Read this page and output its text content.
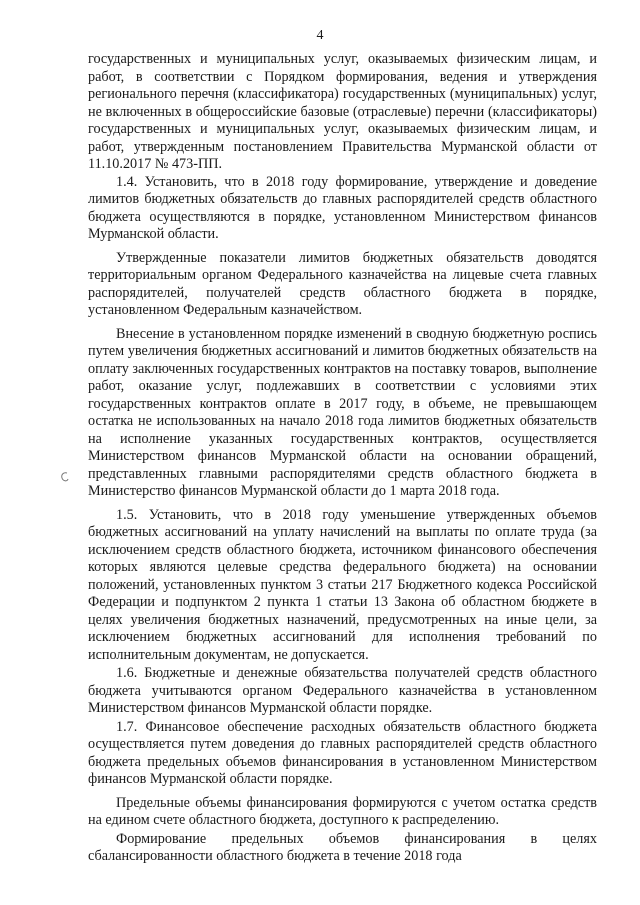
4

государственных и муниципальных услуг, оказываемых физическим лицам, и работ, в соответствии с Порядком формирования, ведения и утверждения регионального перечня (классификатора) государственных (муниципальных) услуг, не включенных в общероссийские базовые (отраслевые) перечни (классификаторы) государственных и муниципальных услуг, оказываемых физическим лицам, и работ, утвержденным постановлением Правительства Мурманской области от 11.10.2017 № 473-ПП.

1.4. Установить, что в 2018 году формирование, утверждение и доведение лимитов бюджетных обязательств до главных распорядителей средств областного бюджета осуществляются в порядке, установленном Министерством финансов Мурманской области.

Утвержденные показатели лимитов бюджетных обязательств доводятся территориальным органом Федерального казначейства на лицевые счета главных распорядителей, получателей средств областного бюджета в порядке, установленном Федеральным казначейством.

Внесение в установленном порядке изменений в сводную бюджетную роспись путем увеличения бюджетных ассигнований и лимитов бюджетных обязательств на оплату заключенных государственных контрактов на поставку товаров, выполнение работ, оказание услуг, подлежавших в соответствии с условиями этих государственных контрактов оплате в 2017 году, в объеме, не превышающем остатка не использованных на начало 2018 года лимитов бюджетных обязательств на исполнение указанных государственных контрактов, осуществляется Министерством финансов Мурманской области на основании обращений, представленных главными распорядителями средств областного бюджета в Министерство финансов Мурманской области до 1 марта 2018 года.

1.5. Установить, что в 2018 году уменьшение утвержденных объемов бюджетных ассигнований на уплату начислений на выплаты по оплате труда (за исключением средств областного бюджета, источником финансового обеспечения которых являются целевые средства федерального бюджета) на основании положений, установленных пунктом 3 статьи 217 Бюджетного кодекса Российской Федерации и подпунктом 2 пункта 1 статьи 13 Закона об областном бюджете в целях увеличения бюджетных назначений, предусмотренных на иные цели, за исключением бюджетных ассигнований для исполнения требований по исполнительным документам, не допускается.

1.6. Бюджетные и денежные обязательства получателей средств областного бюджета учитываются органом Федерального казначейства в установленном Министерством финансов Мурманской области порядке.

1.7. Финансовое обеспечение расходных обязательств областного бюджета осуществляется путем доведения до главных распорядителей средств областного бюджета предельных объемов финансирования в установленном Министерством финансов Мурманской области порядке.

Предельные объемы финансирования формируются с учетом остатка средств на едином счете областного бюджета, доступного к распределению.

Формирование предельных объемов финансирования в целях сбалансированности областного бюджета в течение 2018 года
